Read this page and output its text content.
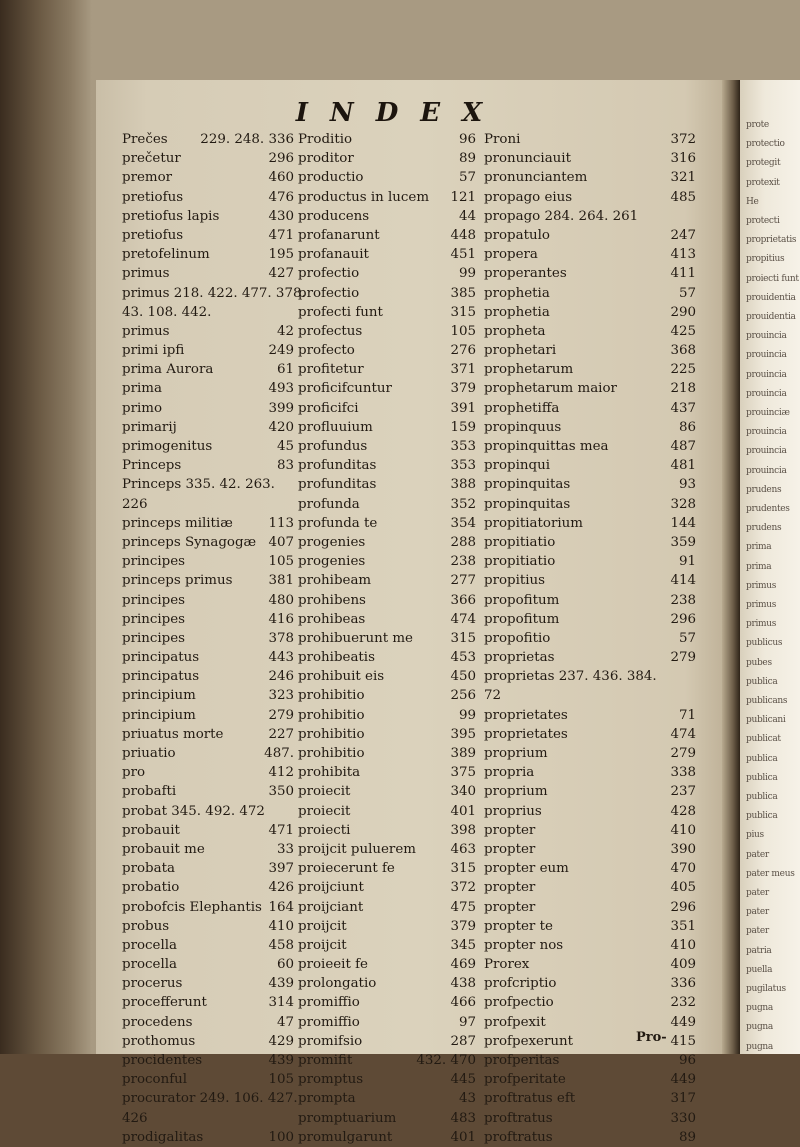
prote
protectio
protegit
protexit
He
protecti
proprietatis
propitius
proiecti funt
prouidentia
prouidentia
prouincia
prouincia
prouincia
prouincia
prouinciæ
prouincia
prouincia
prouincia
prudens
prudentes
prudens
prima
prima
primus
primus
primus
publicus
pubes
publica
publicans
publicani
publicat
publica
publica
publica
publica
pius
pater
pater meus
pater
pater
pater
patria
puella
pugilatus
pugna
pugna
pugna
INDEX
Prečes 229. 248. 336
prečetur	296
premor	460
pretiofus	476
pretiofus lapis	430
pretiofus	471
pretofelinum	195
primus	427
primus 218. 422. 477. 378.
43. 108. 442.
primus	42
primi ipfi	249
prima Aurora	61
prima	493
primo	399
primarij	420
primogenitus	45
Princeps	83
Princeps 335. 42. 263.
226
princeps militiæ	113
princeps Synagogæ 407
principes	105
princeps primus	381
principes	480
principes	416
principes	378
principatus	443
principatus	246
principium	323
principium	279
priuatus morte	227
priuatio	487.
pro	412
probafti	350
probat 345. 492. 472
probauit	471
probauit me	33
probata	397
probatio	426
probofcis Elephantis 164
probus	410
procella	458
procella	60
procerus	439
procefferunt	314
procedens	47
prothomus	429
procidentes	439
proconful	105
procurator 249. 106. 427.
426
prodigalitas	100
Proditio	96
proditor	89
productio	57
productus in lucem 121
producens	44
profanarunt	448
profanauit	451
profectio	99
profectio	385
profecti funt	315
profectus	105
profecto	276
profitetur	371
proficifcuntur	379
proficifci	391
profluuium	159
profundus	353
profunditas	353
profunditas	388
profunda	352
profunda te	354
progenies	288
progenies	238
prohibeam	277
prohibens	366
prohibeas	474
prohibuerunt me	315
prohibeatis	453
prohibuit eis	450
prohibitio	256
prohibitio	99
prohibitio	395
prohibitio	389
prohibita	375
proiecit	340
proiecit	401
proiecti	398
proijcit puluerem	463
proiecerunt fe	315
proijciunt	372
proijciant	475
proijcit	379
proijcit	345
proieeit fe	469
prolongatio	438
promiffio	466
promiffio	97
promifsio	287
promifit	432. 470
promptus	445
prompta	43
promptuarium	483
promulgarunt	401
Proni	372
pronunciauit	316
pronunciantem	321
propago eius	485
propago 284. 264. 261
propatulo	247
propera	413
properantes	411
prophetia	57
prophetia	290
propheta	425
prophetari	368
prophetarum	225
prophetarum maior	218
prophetiffa	437
propinquus	86
propinquittas mea	487
propinqui	481
propinquitas	93
propinquitas	328
propitiatorium	144
propitiatio	359
propitiatio	91
propitius	414
propofitum	238
propofitum	296
propofitio	57
proprietas	279
proprietas 237. 436. 384.
72
proprietates	71
proprietates	474
proprium	279
propria	338
proprium	237
proprius	428
propter	410
propter	390
propter eum	470
propter	405
propter	296
propter te	351
propter nos	410
Prorex	409
profcriptio	336
profpectio	232
profpexit	449
profpexerunt	415
profperitas	96
profperitate	449
proftratus eft	317
proftratus	330
proftratus	89
Pro-
